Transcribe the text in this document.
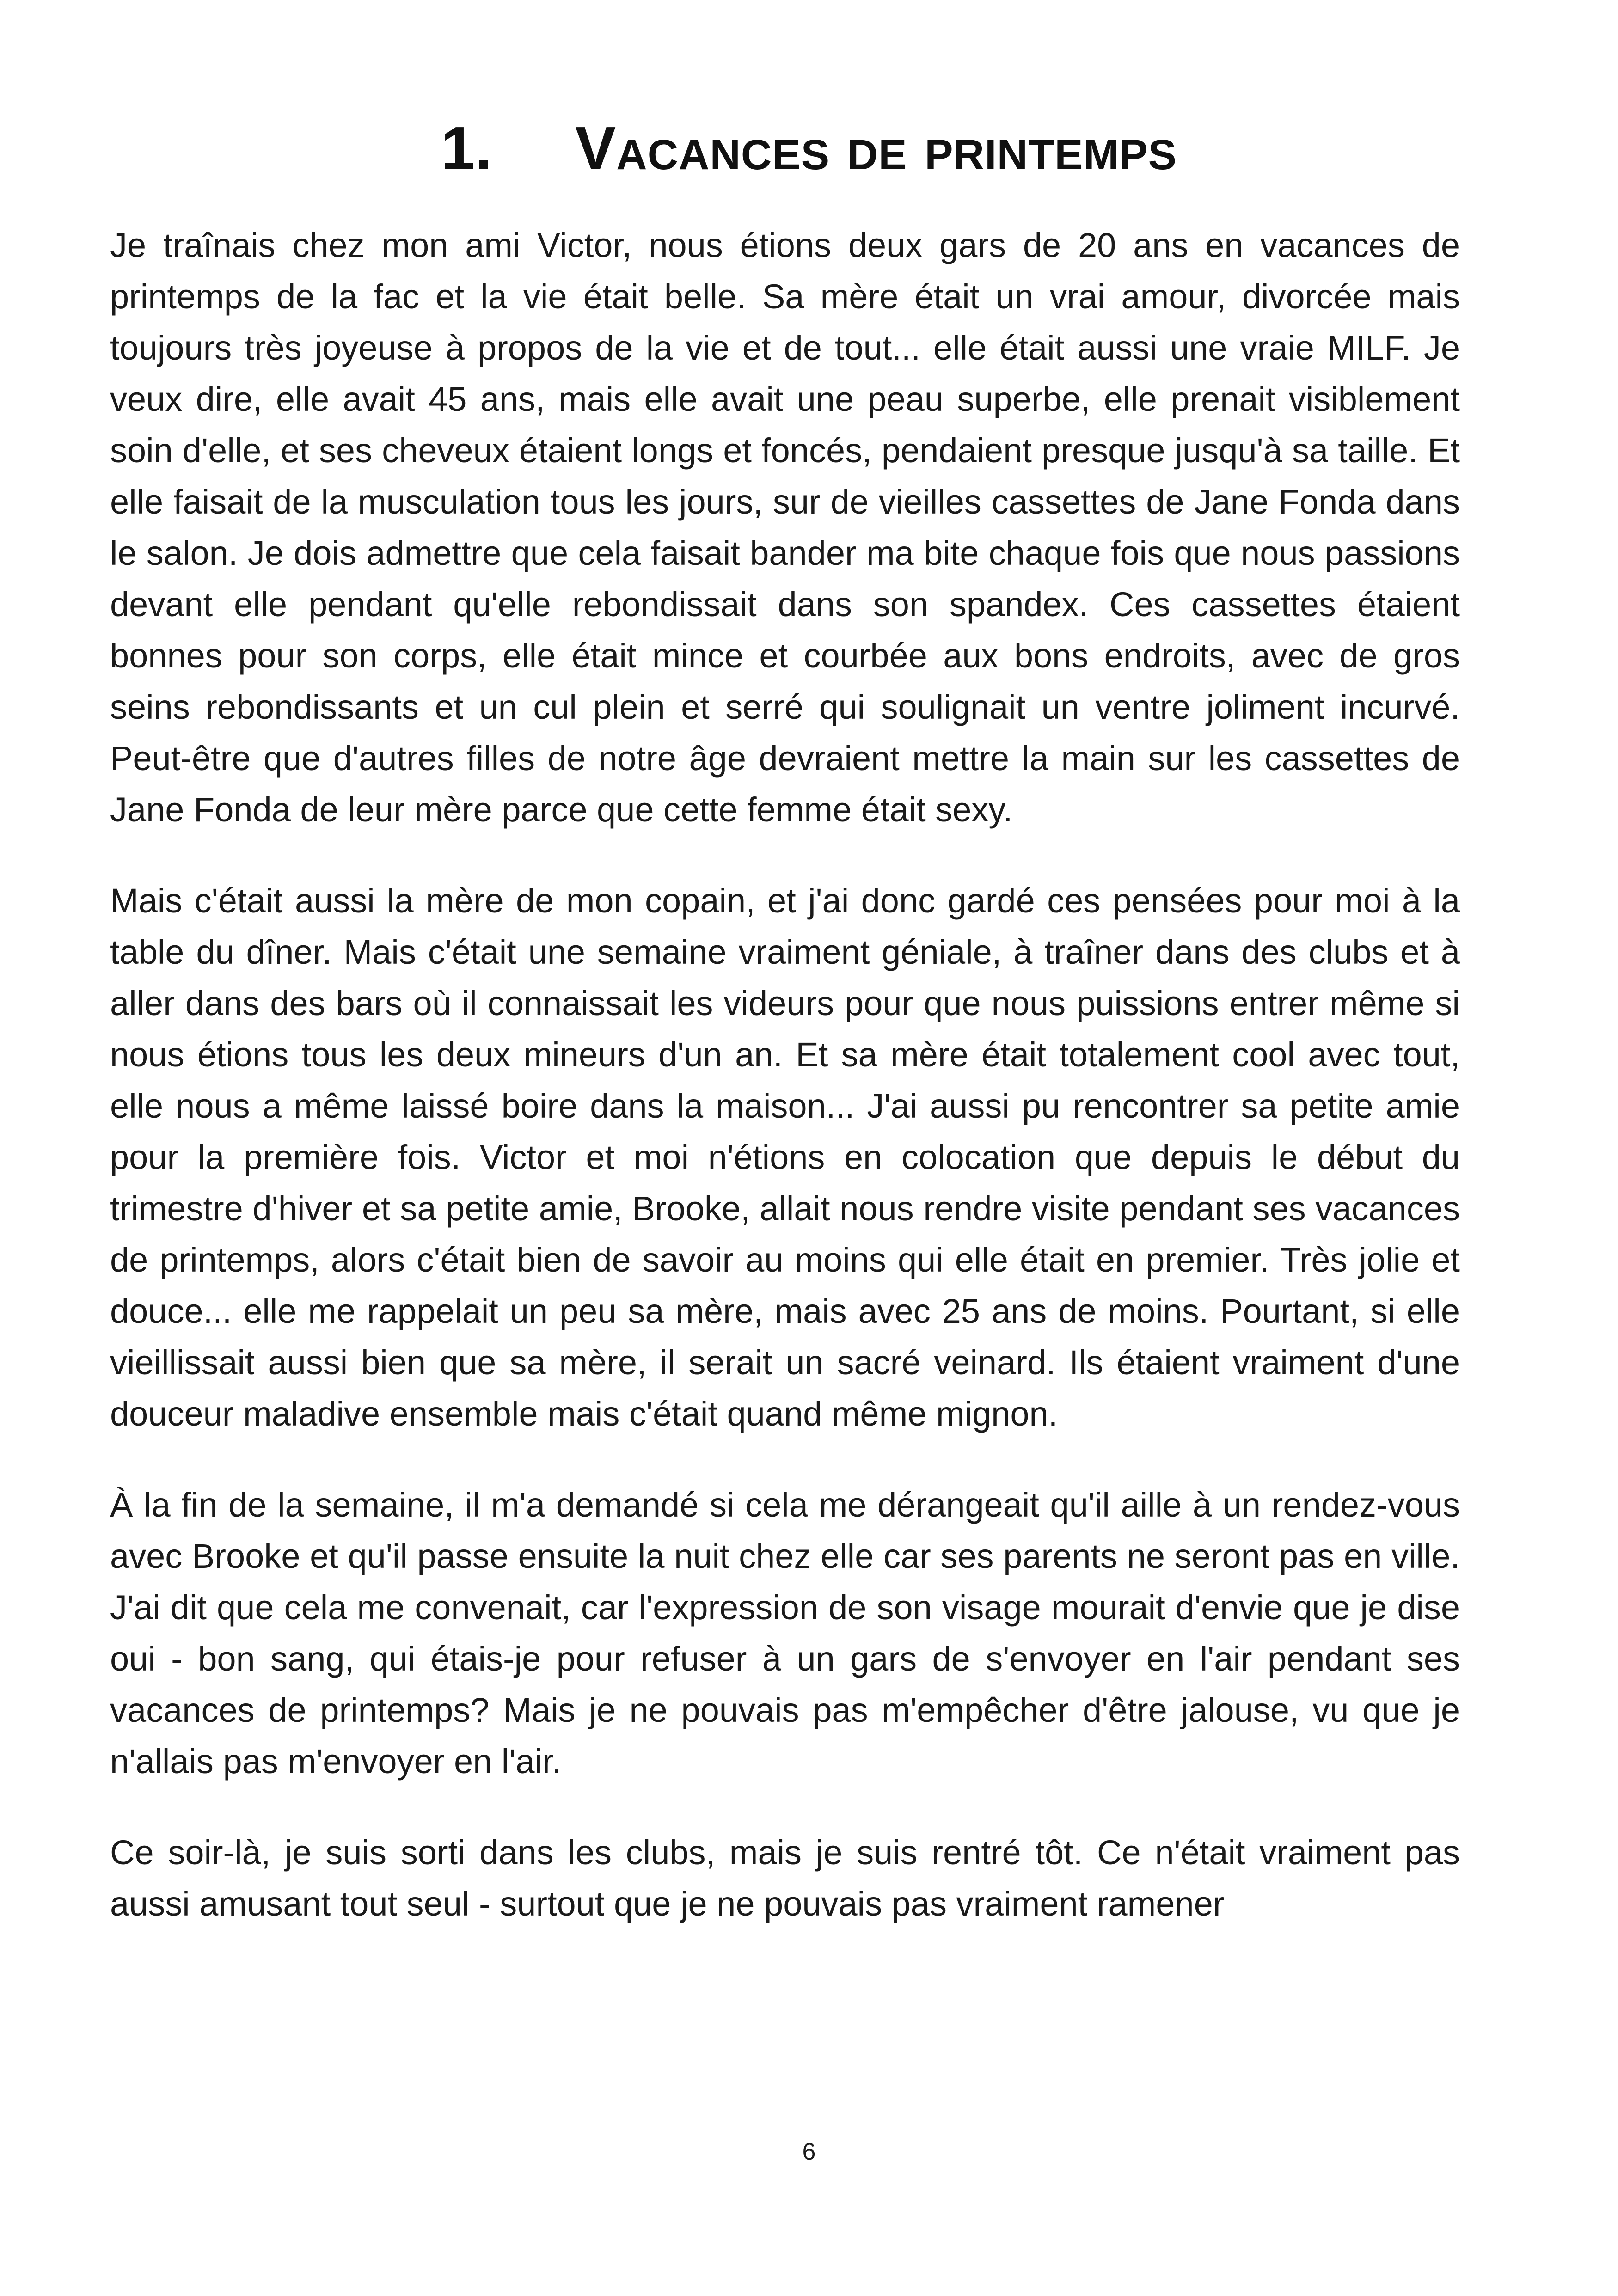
1. Vacances de printemps

Je traînais chez mon ami Victor, nous étions deux gars de 20 ans en vacances de printemps de la fac et la vie était belle. Sa mère était un vrai amour, divorcée mais toujours très joyeuse à propos de la vie et de tout... elle était aussi une vraie MILF. Je veux dire, elle avait 45 ans, mais elle avait une peau superbe, elle prenait visiblement soin d'elle, et ses cheveux étaient longs et foncés, pendaient presque jusqu'à sa taille. Et elle faisait de la musculation tous les jours, sur de vieilles cassettes de Jane Fonda dans le salon. Je dois admettre que cela faisait bander ma bite chaque fois que nous passions devant elle pendant qu'elle rebondissait dans son spandex. Ces cassettes étaient bonnes pour son corps, elle était mince et courbée aux bons endroits, avec de gros seins rebondissants et un cul plein et serré qui soulignait un ventre joliment incurvé. Peut-être que d'autres filles de notre âge devraient mettre la main sur les cassettes de Jane Fonda de leur mère parce que cette femme était sexy.

Mais c'était aussi la mère de mon copain, et j'ai donc gardé ces pensées pour moi à la table du dîner. Mais c'était une semaine vraiment géniale, à traîner dans des clubs et à aller dans des bars où il connaissait les videurs pour que nous puissions entrer même si nous étions tous les deux mineurs d'un an. Et sa mère était totalement cool avec tout, elle nous a même laissé boire dans la maison... J'ai aussi pu rencontrer sa petite amie pour la première fois. Victor et moi n'étions en colocation que depuis le début du trimestre d'hiver et sa petite amie, Brooke, allait nous rendre visite pendant ses vacances de printemps, alors c'était bien de savoir au moins qui elle était en premier. Très jolie et douce... elle me rappelait un peu sa mère, mais avec 25 ans de moins. Pourtant, si elle vieillissait aussi bien que sa mère, il serait un sacré veinard. Ils étaient vraiment d'une douceur maladive ensemble mais c'était quand même mignon.

À la fin de la semaine, il m'a demandé si cela me dérangeait qu'il aille à un rendez-vous avec Brooke et qu'il passe ensuite la nuit chez elle car ses parents ne seront pas en ville. J'ai dit que cela me convenait, car l'expression de son visage mourait d'envie que je dise oui - bon sang, qui étais-je pour refuser à un gars de s'envoyer en l'air pendant ses vacances de printemps? Mais je ne pouvais pas m'empêcher d'être jalouse, vu que je n'allais pas m'envoyer en l'air.

Ce soir-là, je suis sorti dans les clubs, mais je suis rentré tôt. Ce n'était vraiment pas aussi amusant tout seul - surtout que je ne pouvais pas vraiment ramener

6
